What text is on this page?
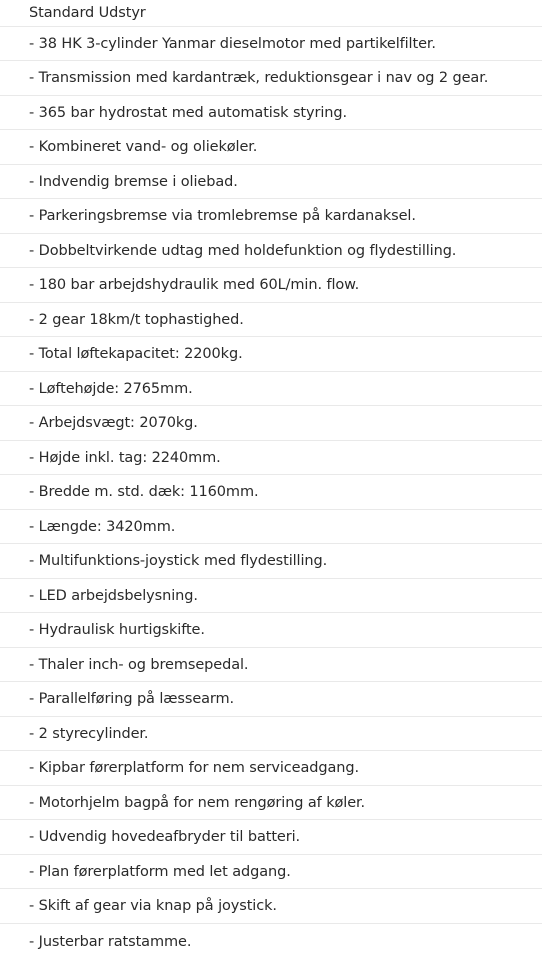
Standard Udstyr
- 38 HK 3-cylinder Yanmar dieselmotor med partikelfilter.
- Transmission med kardantræk, reduktionsgear i nav og 2 gear.
- 365 bar hydrostat med automatisk styring.
- Kombineret vand- og oliekøler.
- Indvendig bremse i oliebad.
- Parkeringsbremse via tromlebremse på kardanaksel.
- Dobbeltvirkende udtag med holdefunktion og flydestilling.
- 180 bar arbejdshydraulik med 60L/min. flow.
- 2 gear 18km/t tophastighed.
- Total løftekapacitet: 2200kg.
- Løftehøjde: 2765mm.
- Arbejdsvægt: 2070kg.
- Højde inkl. tag: 2240mm.
- Bredde m. std. dæk: 1160mm.
- Længde: 3420mm.
- Multifunktions-joystick med flydestilling.
- LED arbejdsbelysning.
- Hydraulisk hurtigskifte.
- Thaler inch- og bremsepedal.
- Parallelføring på læssearm.
- 2 styrecylinder.
- Kipbar førerplatform for nem serviceadgang.
- Motorhjelm bagpå for nem rengøring af køler.
- Udvendig hovedeafbryder til batteri.
- Plan førerplatform med let adgang.
- Skift af gear via knap på joystick.
- Justerbar ratstamme.
